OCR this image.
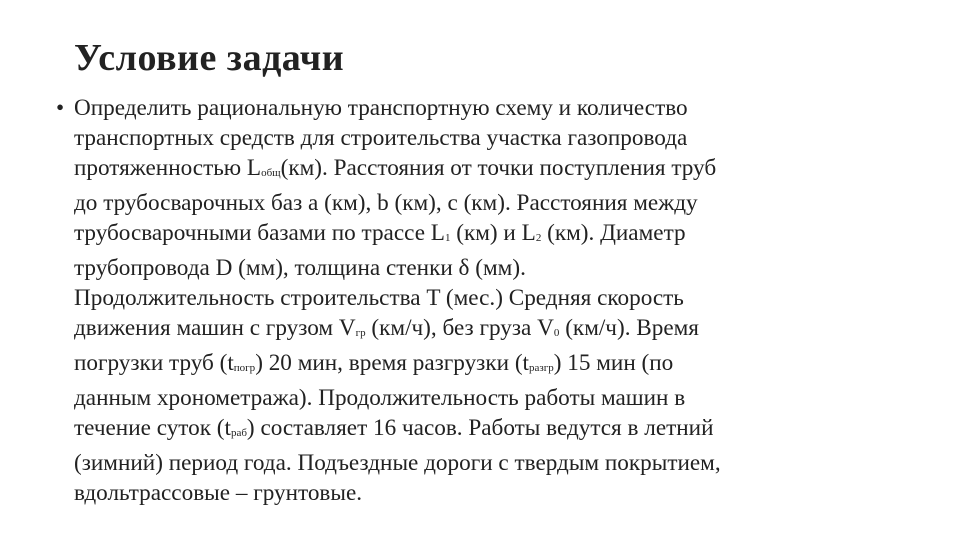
Условие задачи
• Определить рациональную транспортную схему и количество
транспортных средств для строительства участка газопровода
протяженностью Lобщ(км). Расстояния от точки поступления труб
до трубосварочных баз a (км), b (км), c (км). Расстояния между
трубосварочными базами по трассе L1 (км) и L2 (км). Диаметр
трубопровода D (мм), толщина стенки δ (мм).
Продолжительность строительства T (мес.) Средняя скорость
движения машин с грузом Vгр (км/ч), без груза V0 (км/ч). Время
погрузки труб (tпогр) 20 мин, время разгрузки (tразгр) 15 мин (по
данным хронометража). Продолжительность работы машин в
течение суток (tраб) составляет 16 часов. Работы ведутся в летний
(зимний) период года. Подъездные дороги с твердым покрытием,
вдольтрассовые – грунтовые.
